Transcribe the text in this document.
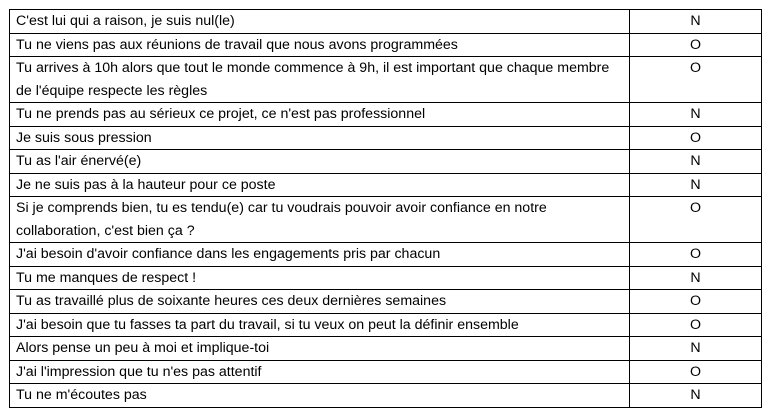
C'est lui qui a raison, je suis nul(le)	N
Tu ne viens pas aux réunions de travail que nous avons programmées	O
Tu arrives à 10h alors que tout le monde commence à 9h, il est important que chaque membre de l'équipe respecte les règles	O
Tu ne prends pas au sérieux ce projet, ce n'est pas professionnel	N
Je suis sous pression	O
Tu as l'air énervé(e)	N
Je ne suis pas à la hauteur pour ce poste	N
Si je comprends bien, tu es tendu(e) car tu voudrais pouvoir avoir confiance en notre collaboration, c'est bien ça ?	O
J'ai besoin d'avoir confiance dans les engagements pris par chacun	O
Tu me manques de respect !	N
Tu as travaillé plus de soixante heures ces deux dernières semaines	O
J'ai besoin que tu fasses ta part du travail, si tu veux on peut la définir ensemble	O
Alors pense un peu à moi et implique-toi	N
J'ai l'impression que tu n'es pas attentif	O
Tu ne m'écoutes pas	N
